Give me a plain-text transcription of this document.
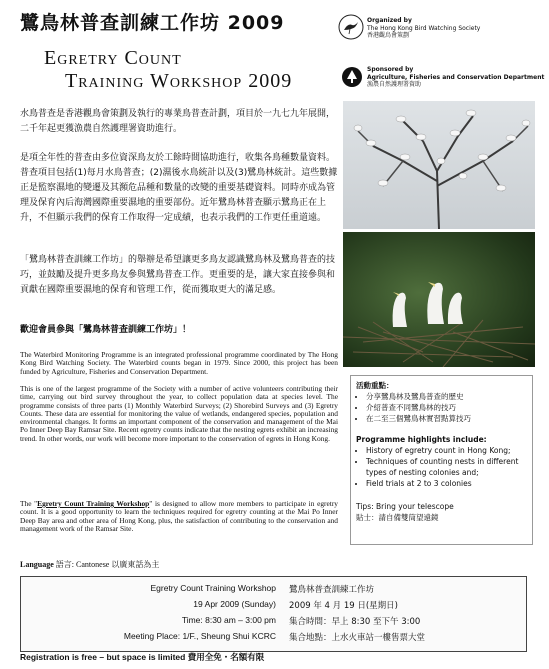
鷺鳥林普查訓練工作坊 2009
Egretry Count
Training Workshop 2009
Organized by
The Hong Kong Bird Watching Society
香港觀鳥會策劃
Sponsored by
Agriculture, Fisheries and Conservation Department
漁農自然護理署資助
水鳥普查是香港觀鳥會策劃及執行的專業鳥普查計劃，項目於一九七九年展開，二千年起更獲漁農自然護理署資助進行。
是項全年性的普查由多位資深鳥友於工餘時間協助進行，收集各鳥種數量資料。普查項目包括(1)每月水鳥普查；(2)濕後水鳥統計以及(3)鷺鳥林統計。這些數據正是監察濕地的變遷及其瀕危品種和數量的改變的重要基礎資料。同時亦成為管理及保育內后海灣國際重要濕地的重要部份。近年鷺鳥林普查顯示鷺鳥正在上升，不但顯示我們的保育工作取得一定成績，也表示我們的工作更任重道遠。
「鷺鳥林普查訓練工作坊」的舉辦是希望讓更多鳥友認識鷺鳥林及鷺鳥普查的技巧，並鼓勵及提升更多鳥友參與鷺鳥普查工作。更重要的是，讓大家直接參與和貢獻在國際重要濕地的保育和管理工作，從而獲取更大的滿足感。
歡迎會員參與「鷺鳥林普查訓練工作坊」！
The Waterbird Monitoring Programme is an integrated professional programme coordinated by The Hong Kong Bird Watching Society. The Waterbird counts began in 1979. Since 2000, this project has been funded by Agriculture, Fisheries and Conservation Department.
This is one of the largest programme of the Society with a number of active volunteers contributing their time, carrying out bird survey throughout the year, to collect population data at species level. The programme consists of three parts (1) Monthly Waterbird Surveys; (2) Shorebird Surveys and (3) Egretry Counts. These data are essential for monitoring the value of wetlands, endangered species, population and environmental changes. It forms an important component of the conservation and management of the Mai Po Inner Deep Bay Ramsar Site. Recent egretry counts indicate that the nesting egrets exhibit an increasing trend. In other words, our work will become more important to the conservation of egrets in Hong Kong.
The "Egretry Count Training Workshop" is designed to allow more members to participate in egretry count. It is a good opportunity to learn the techniques required for egretry counting at the Mai Po Inner Deep Bay area and other area of Hong Kong, plus, the satisfaction of contributing to the conservation and management work of the Ramsar Site.
活動重點：
• 分享鷺鳥林及鷺鳥普查的歷史
• 介紹普查不同鷺鳥林的技巧
• 在二至三個鷺鳥林實習點算技巧
Programme highlights include:
• History of egretry count in Hong Kong;
• Techniques of counting nests in different types of nesting colonies and;
• Field trials at 2 to 3 colonies
Tips: Bring your telescope
貼士：請自備雙筒望遠鏡
Language 語言: Cantonese 以廣東話為主
Egretry Count Training Workshop
19 Apr 2009 (Sunday)
Time: 8:30 am – 3:00 pm
Meeting Place: 1/F., Sheung Shui KCRC
鷺鳥林普查訓練工作坊
2009 年 4 月 19 日(星期日)
集合時間：早上 8:30 至下午 3:00
集合地點：上水火車站一樓售票大堂
Registration is free – but space is limited 費用全免・名額有限
